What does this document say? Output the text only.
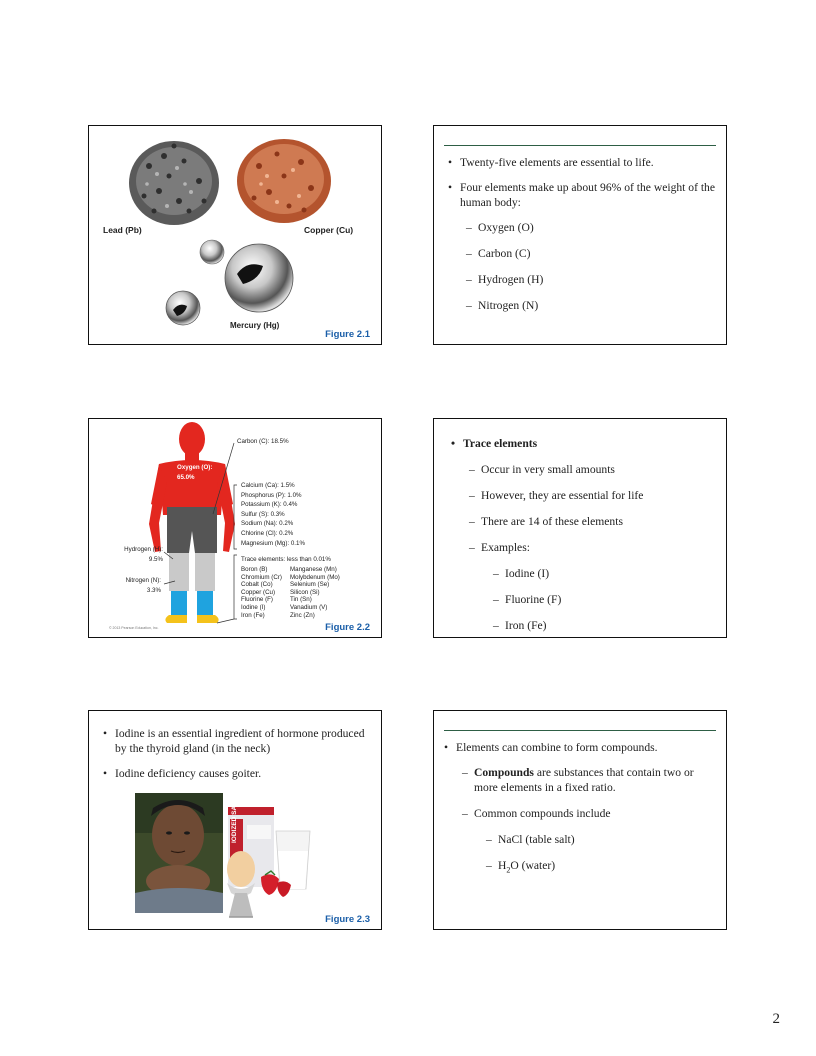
Lead (Pb)	Copper (Cu)
Mercury (Hg)
Figure 2.1
• Twenty-five elements are essential to life.
• Four elements make up about 96% of the weight of the human body:
– Oxygen (O)
– Carbon (C)
– Hydrogen (H)
– Nitrogen (N)
Carbon (C): 18.5%
Oxygen (O): 65.0%
Hydrogen (H): 9.5%
Nitrogen (N): 3.3%
Calcium (Ca): 1.5%
Phosphorus (P): 1.0%
Potassium (K): 0.4%
Sulfur (S): 0.3%
Sodium (Na): 0.2%
Chlorine (Cl): 0.2%
Magnesium (Mg): 0.1%
Trace elements: less than 0.01%
Boron (B)
Chromium (Cr)
Cobalt (Co)
Copper (Cu)
Fluorine (F)
Iodine (I)
Iron (Fe)
Manganese (Mn)
Molybdenum (Mo)
Selenium (Se)
Silicon (Si)
Tin (Sn)
Vanadium (V)
Zinc (Zn)
© 2013 Pearson Education, Inc.	Figure 2.2
• Trace elements
– Occur in very small amounts
– However, they are essential for life
– There are 14 of these elements
– Examples:
– Iodine (I)
– Fluorine (F)
– Iron (Fe)
• Iodine is an essential ingredient of hormone produced by the thyroid gland (in the neck)
• Iodine deficiency causes goiter.
IODIZED SALT
Figure 2.3
• Elements can combine to form compounds.
– Compounds are substances that contain two or more elements in a fixed ratio.
– Common compounds include
– NaCl (table salt)
– $H_2O$ (water)
2
